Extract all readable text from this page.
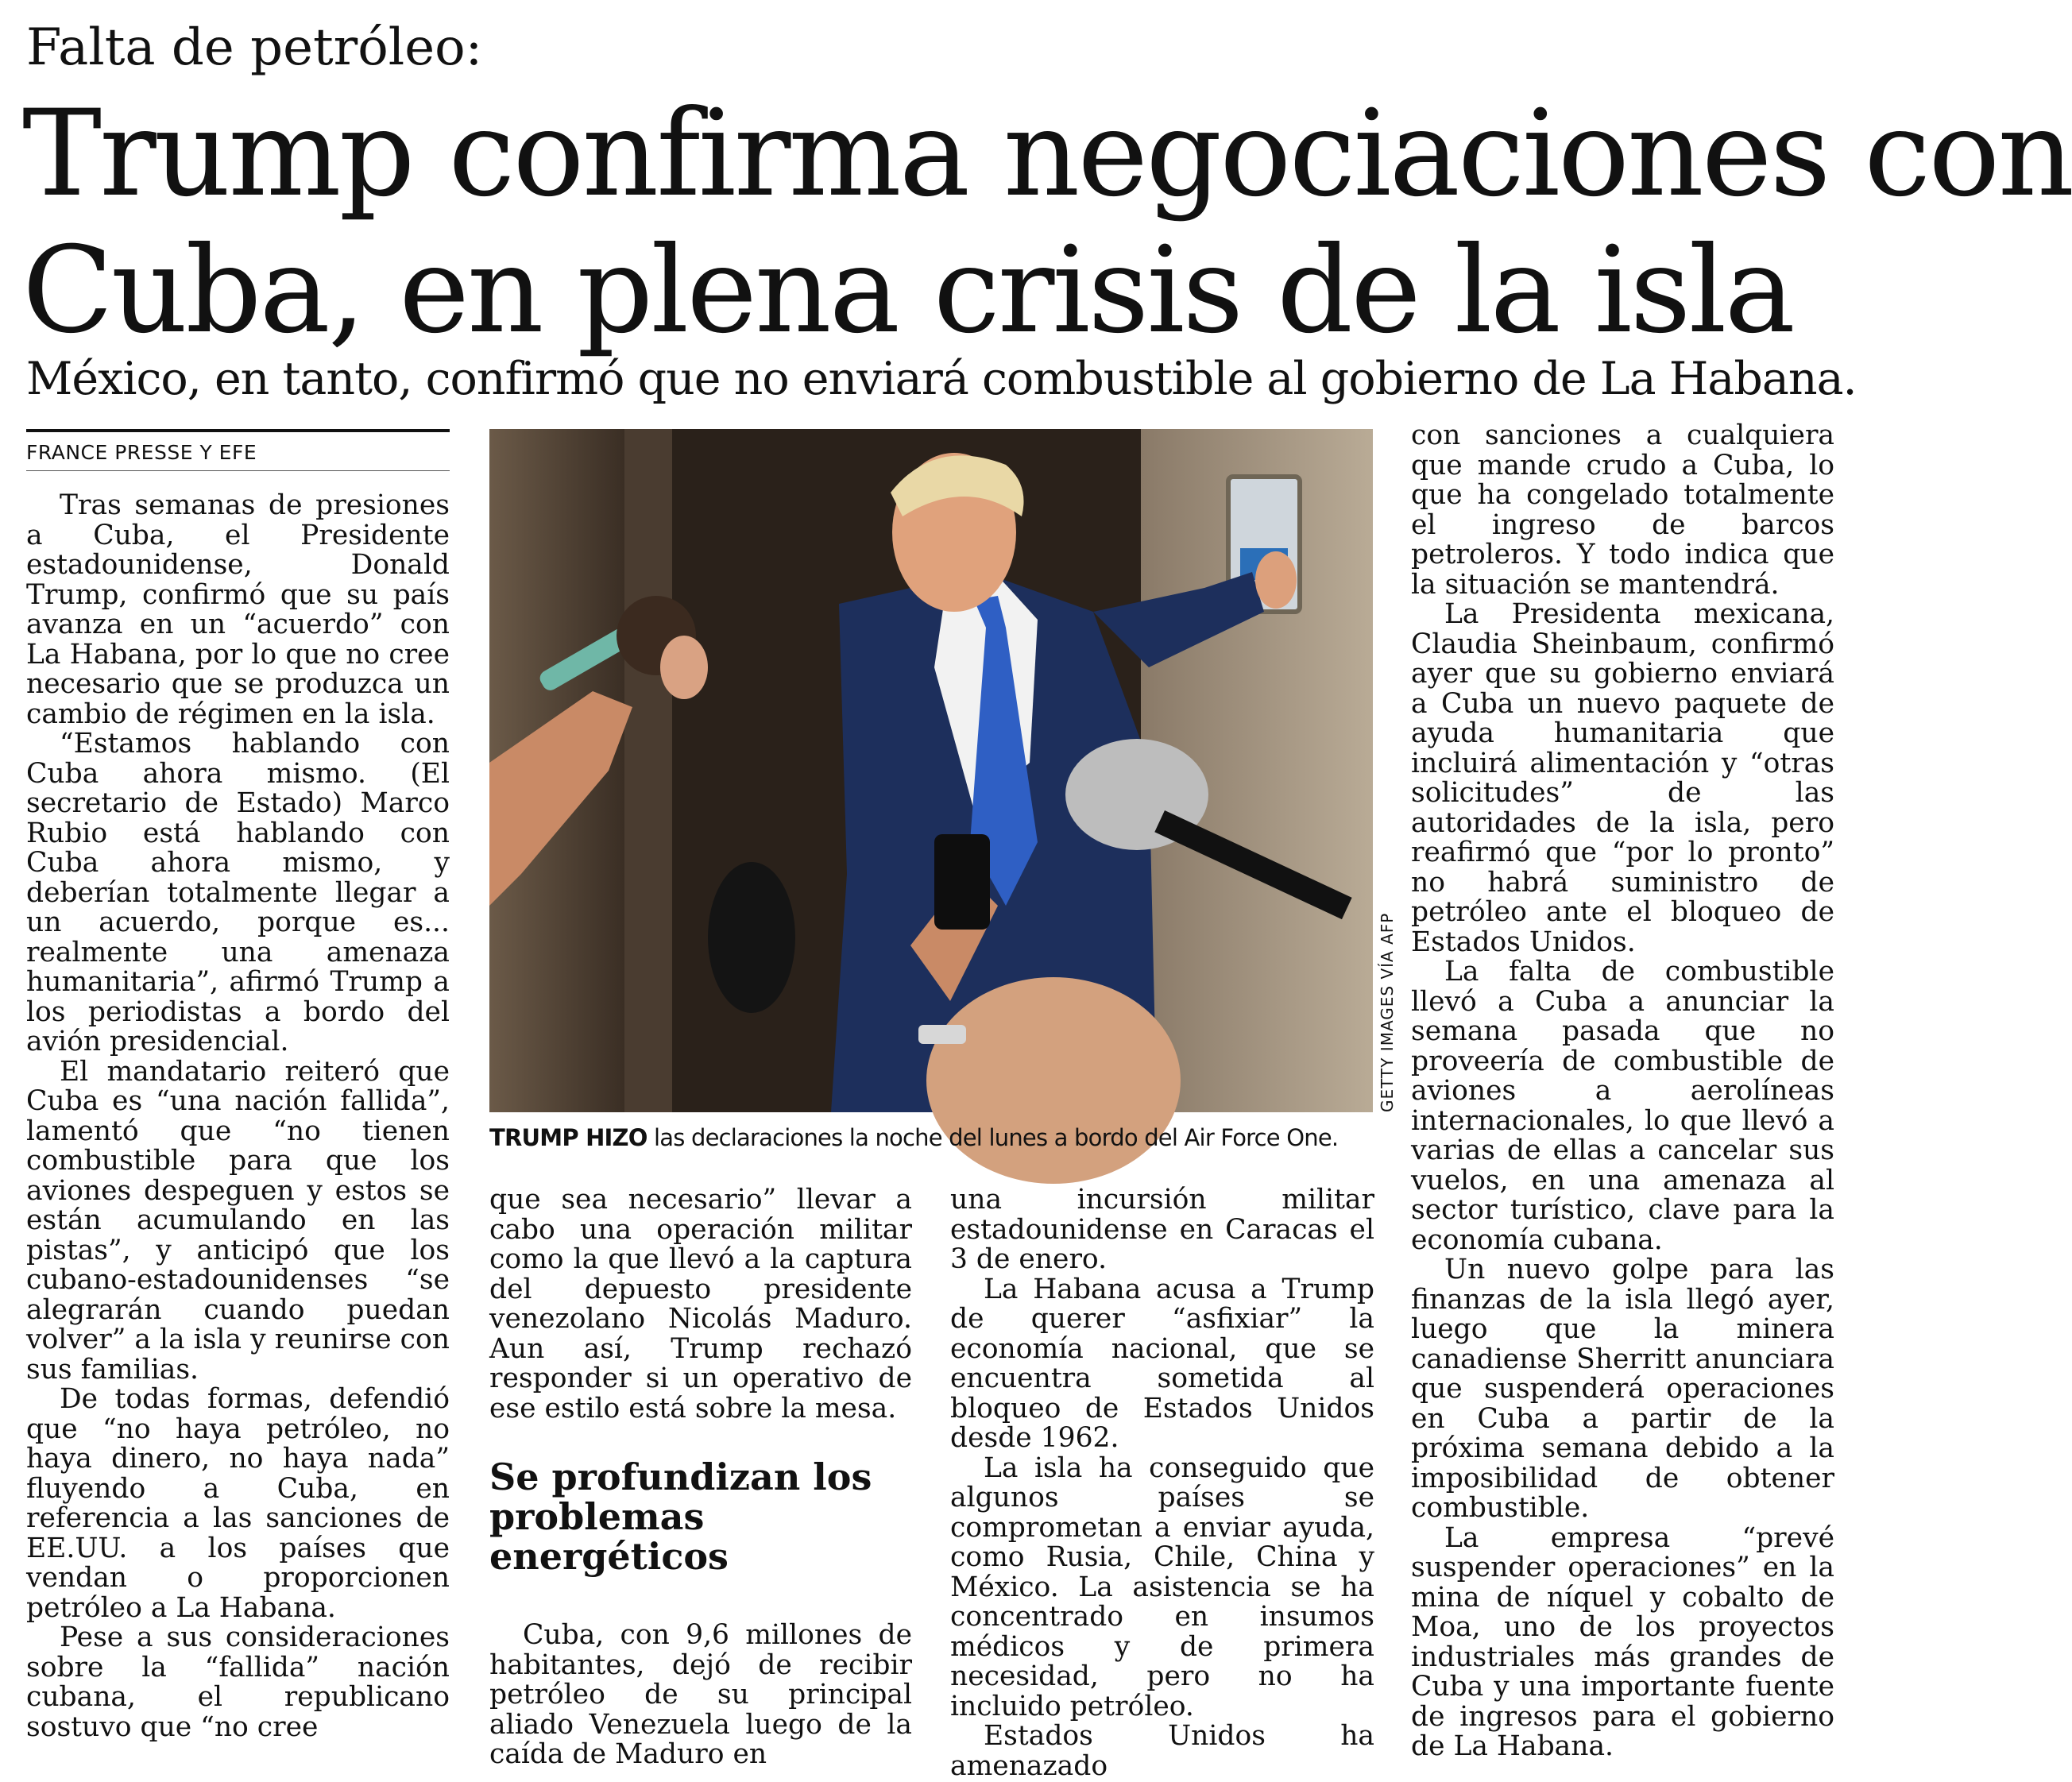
Falta de petróleo:
Trump confirma negociaciones con
Cuba, en plena crisis de la isla
México, en tanto, confirmó que no enviará combustible al gobierno de La Habana.
FRANCE PRESSE Y EFE

Tras semanas de presiones a Cuba, el Presidente estadounidense, Donald Trump, confirmó que su país avanza en un “acuerdo” con La Habana, por lo que no cree necesario que se produzca un cambio de régimen en la isla.

“Estamos hablando con Cuba ahora mismo. (El secretario de Estado) Marco Rubio está hablando con Cuba ahora mismo, y deberían totalmente llegar a un acuerdo, porque es... realmente una amenaza humanitaria”, afirmó Trump a los periodistas a bordo del avión presidencial.

El mandatario reiteró que Cuba es “una nación fallida”, lamentó que “no tienen combustible para que los aviones despeguen y estos se están acumulando en las pistas”, y anticipó que los cubano-estadounidenses “se alegrarán cuando puedan volver” a la isla y reunirse con sus familias.

De todas formas, defendió que “no haya petróleo, no haya dinero, no haya nada” fluyendo a Cuba, en referencia a las sanciones de EE.UU. a los países que vendan o proporcionen petróleo a La Habana.

Pese a sus consideraciones sobre la “fallida” nación cubana, el republicano sostuvo que “no cree

GETTY IMAGES VÍA AFP
TRUMP HIZO las declaraciones la noche del lunes a bordo del Air Force One.

que sea necesario” llevar a cabo una operación militar como la que llevó a la captura del depuesto presidente venezolano Nicolás Maduro. Aun así, Trump rechazó responder si un operativo de ese estilo está sobre la mesa.

Se profundizan los problemas energéticos

Cuba, con 9,6 millones de habitantes, dejó de recibir petróleo de su principal aliado Venezuela luego de la caída de Maduro en

una incursión militar estadounidense en Caracas el 3 de enero.

La Habana acusa a Trump de querer “asfixiar” la economía nacional, que se encuentra sometida al bloqueo de Estados Unidos desde 1962.

La isla ha conseguido que algunos países se comprometan a enviar ayuda, como Rusia, Chile, China y México. La asistencia se ha concentrado en insumos médicos y de primera necesidad, pero no ha incluido petróleo.

Estados Unidos ha amenazado

con sanciones a cualquiera que mande crudo a Cuba, lo que ha congelado totalmente el ingreso de barcos petroleros. Y todo indica que la situación se mantendrá.

La Presidenta mexicana, Claudia Sheinbaum, confirmó ayer que su gobierno enviará a Cuba un nuevo paquete de ayuda humanitaria que incluirá alimentación y “otras solicitudes” de las autoridades de la isla, pero reafirmó que “por lo pronto” no habrá suministro de petróleo ante el bloqueo de Estados Unidos.

La falta de combustible llevó a Cuba a anunciar la semana pasada que no proveería de combustible de aviones a aerolíneas internacionales, lo que llevó a varias de ellas a cancelar sus vuelos, en una amenaza al sector turístico, clave para la economía cubana.

Un nuevo golpe para las finanzas de la isla llegó ayer, luego que la minera canadiense Sherritt anunciara que suspenderá operaciones en Cuba a partir de la próxima semana debido a la imposibilidad de obtener combustible.

La empresa “prevé suspender operaciones” en la mina de níquel y cobalto de Moa, uno de los proyectos industriales más grandes de Cuba y una importante fuente de ingresos para el gobierno de La Habana.
